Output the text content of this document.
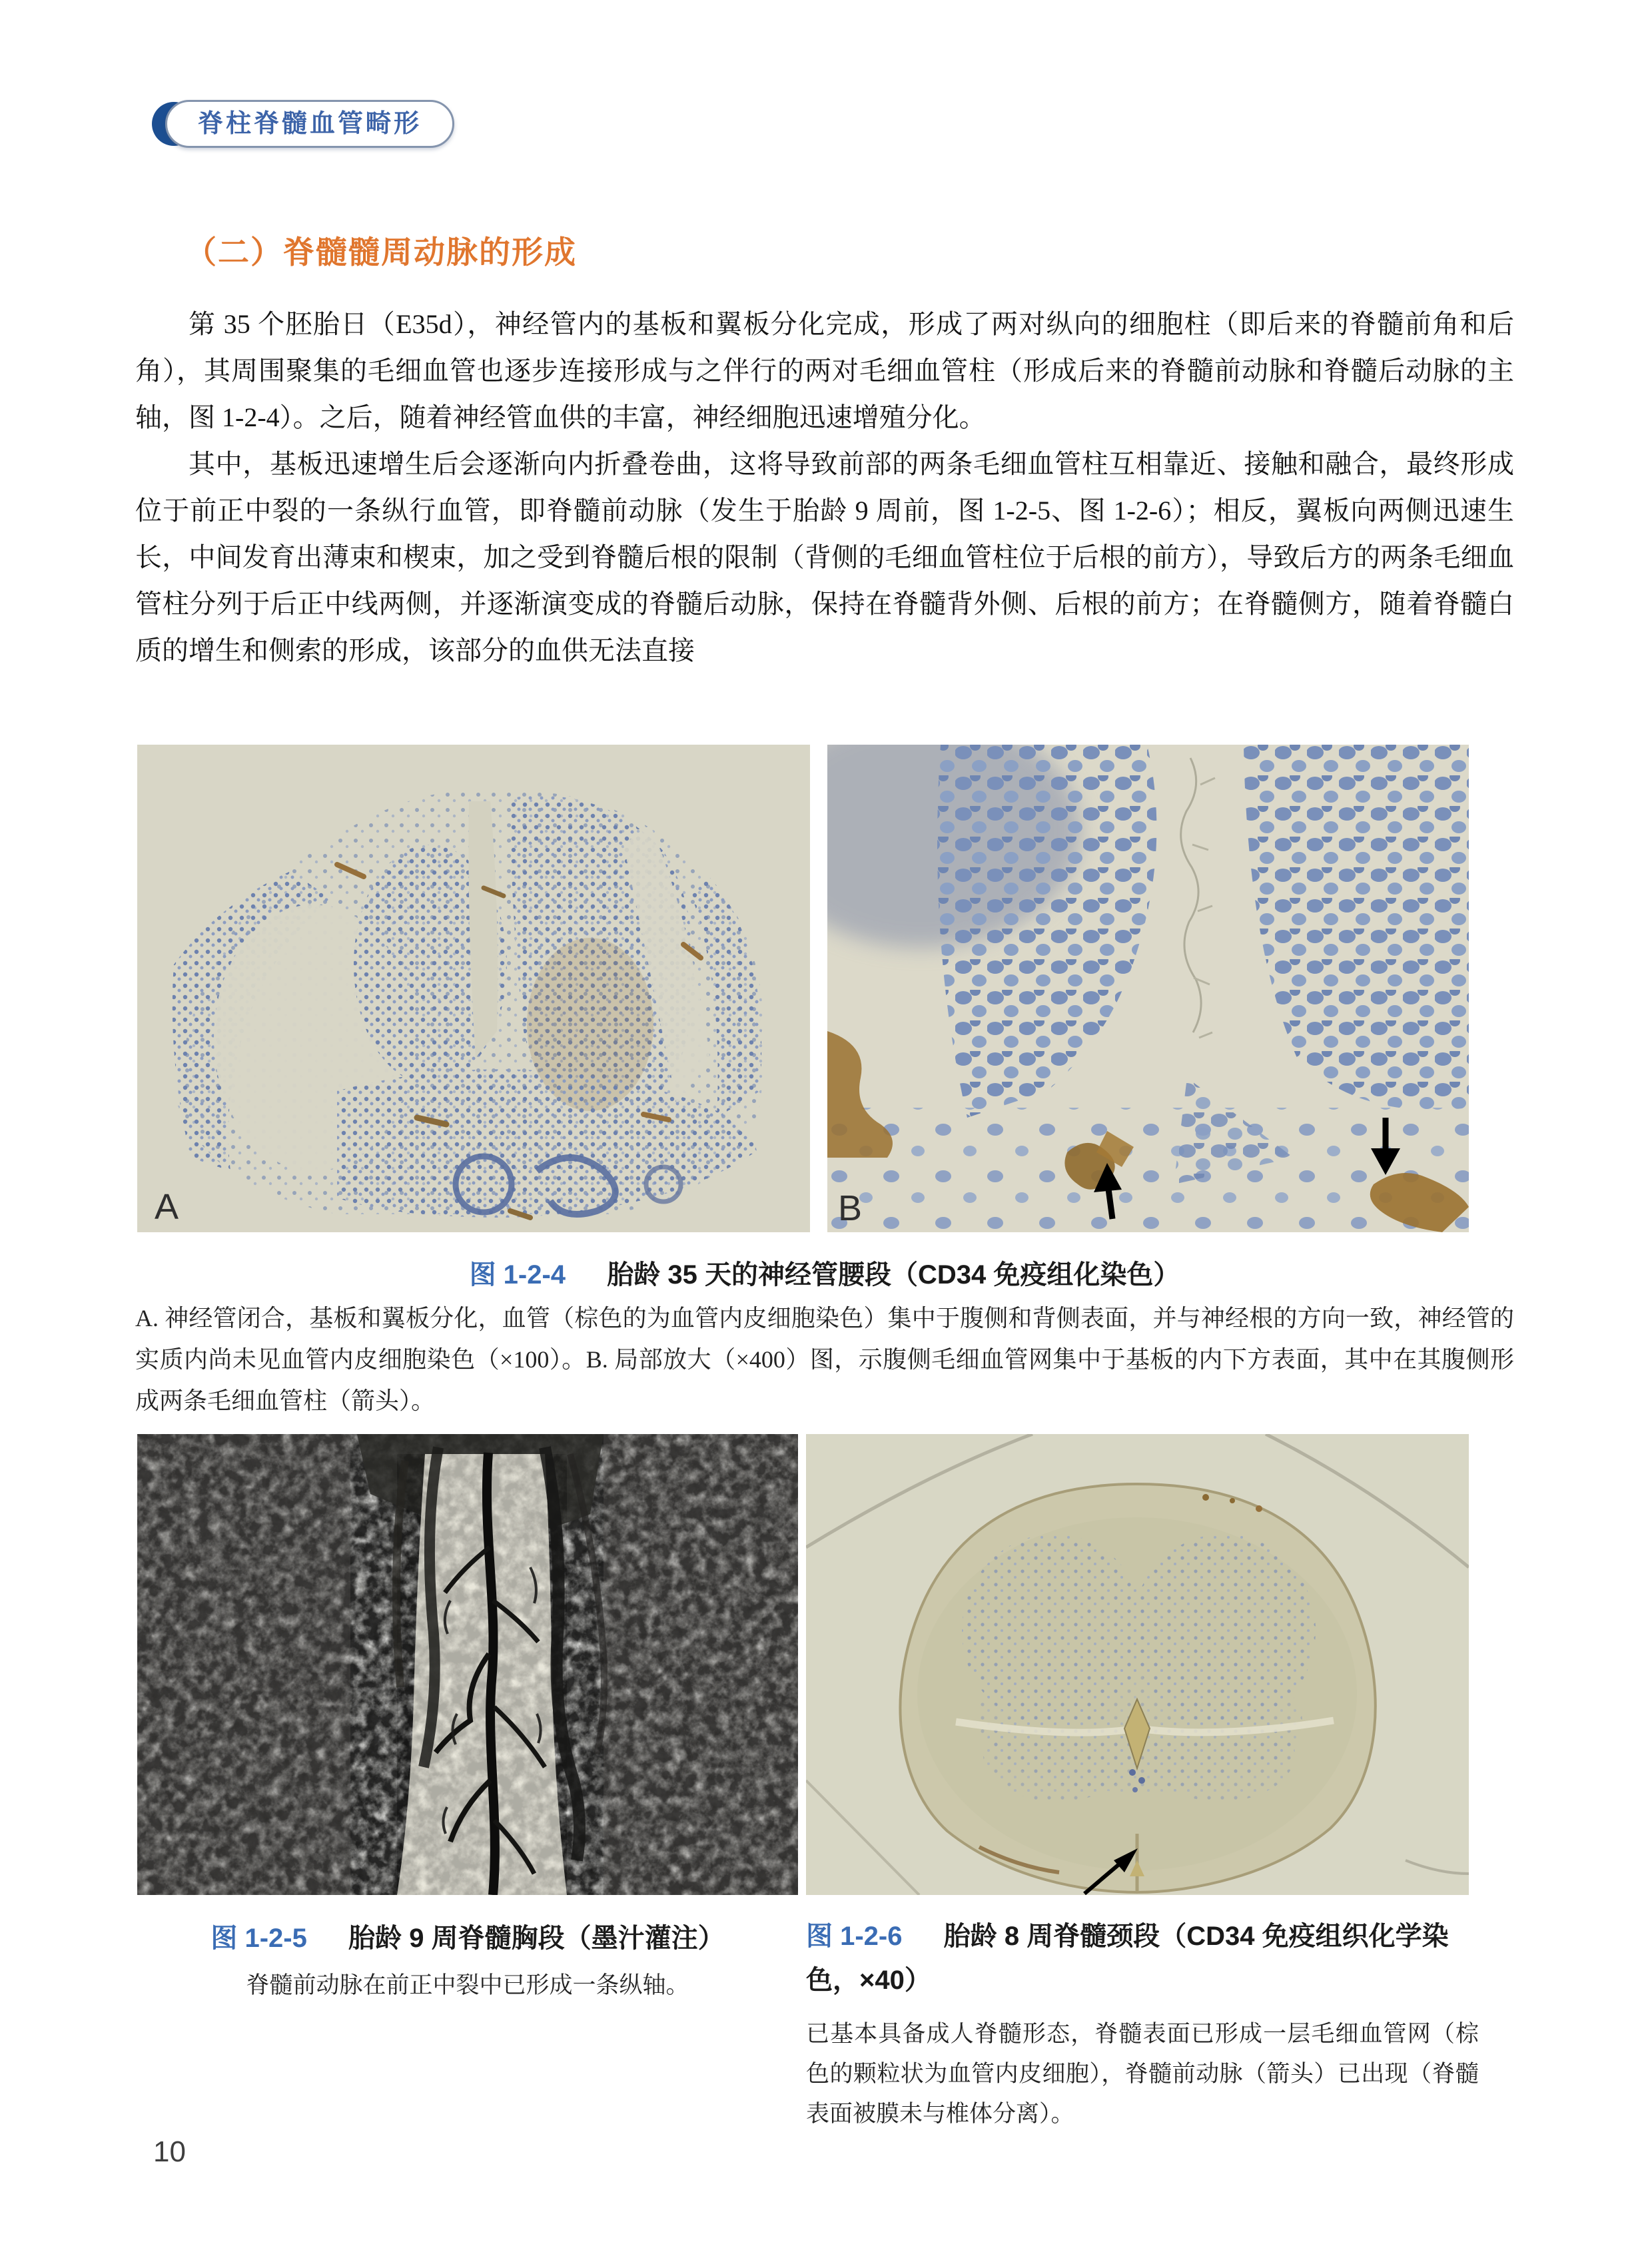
脊柱脊髓血管畸形
（二）脊髓髓周动脉的形成

第 35 个胚胎日（E35d），神经管内的基板和翼板分化完成，形成了两对纵向的细胞柱（即后来的脊髓前角和后角），其周围聚集的毛细血管也逐步连接形成与之伴行的两对毛细血管柱（形成后来的脊髓前动脉和脊髓后动脉的主轴，图 1-2-4）。之后，随着神经管血供的丰富，神经细胞迅速增殖分化。

其中，基板迅速增生后会逐渐向内折叠卷曲，这将导致前部的两条毛细血管柱互相靠近、接触和融合，最终形成位于前正中裂的一条纵行血管，即脊髓前动脉（发生于胎龄 9 周前，图 1-2-5、图 1-2-6）；相反，翼板向两侧迅速生长，中间发育出薄束和楔束，加之受到脊髓后根的限制（背侧的毛细血管柱位于后根的前方），导致后方的两条毛细血管柱分列于后正中线两侧，并逐渐演变成的脊髓后动脉，保持在脊髓背外侧、后根的前方；在脊髓侧方，随着脊髓白质的增生和侧索的形成，该部分的血供无法直接

A	B
图 1-2-4 　 胎龄 35 天的神经管腰段（CD34 免疫组化染色）
A. 神经管闭合，基板和翼板分化，血管（棕色的为血管内皮细胞染色）集中于腹侧和背侧表面，并与神经根的方向一致，神经管的实质内尚未见血管内皮细胞染色（×100）。B. 局部放大（×400）图，示腹侧毛细血管网集中于基板的内下方表面，其中在其腹侧形成两条毛细血管柱（箭头）。
图 1-2-5 　 胎龄 9 周脊髓胸段（墨汁灌注）
脊髓前动脉在前正中裂中已形成一条纵轴。
图 1-2-6 　 胎龄 8 周脊髓颈段（CD34 免疫组织化学染色，×40）
已基本具备成人脊髓形态，脊髓表面已形成一层毛细血管网（棕色的颗粒状为血管内皮细胞），脊髓前动脉（箭头）已出现（脊髓表面被膜未与椎体分离）。
10
